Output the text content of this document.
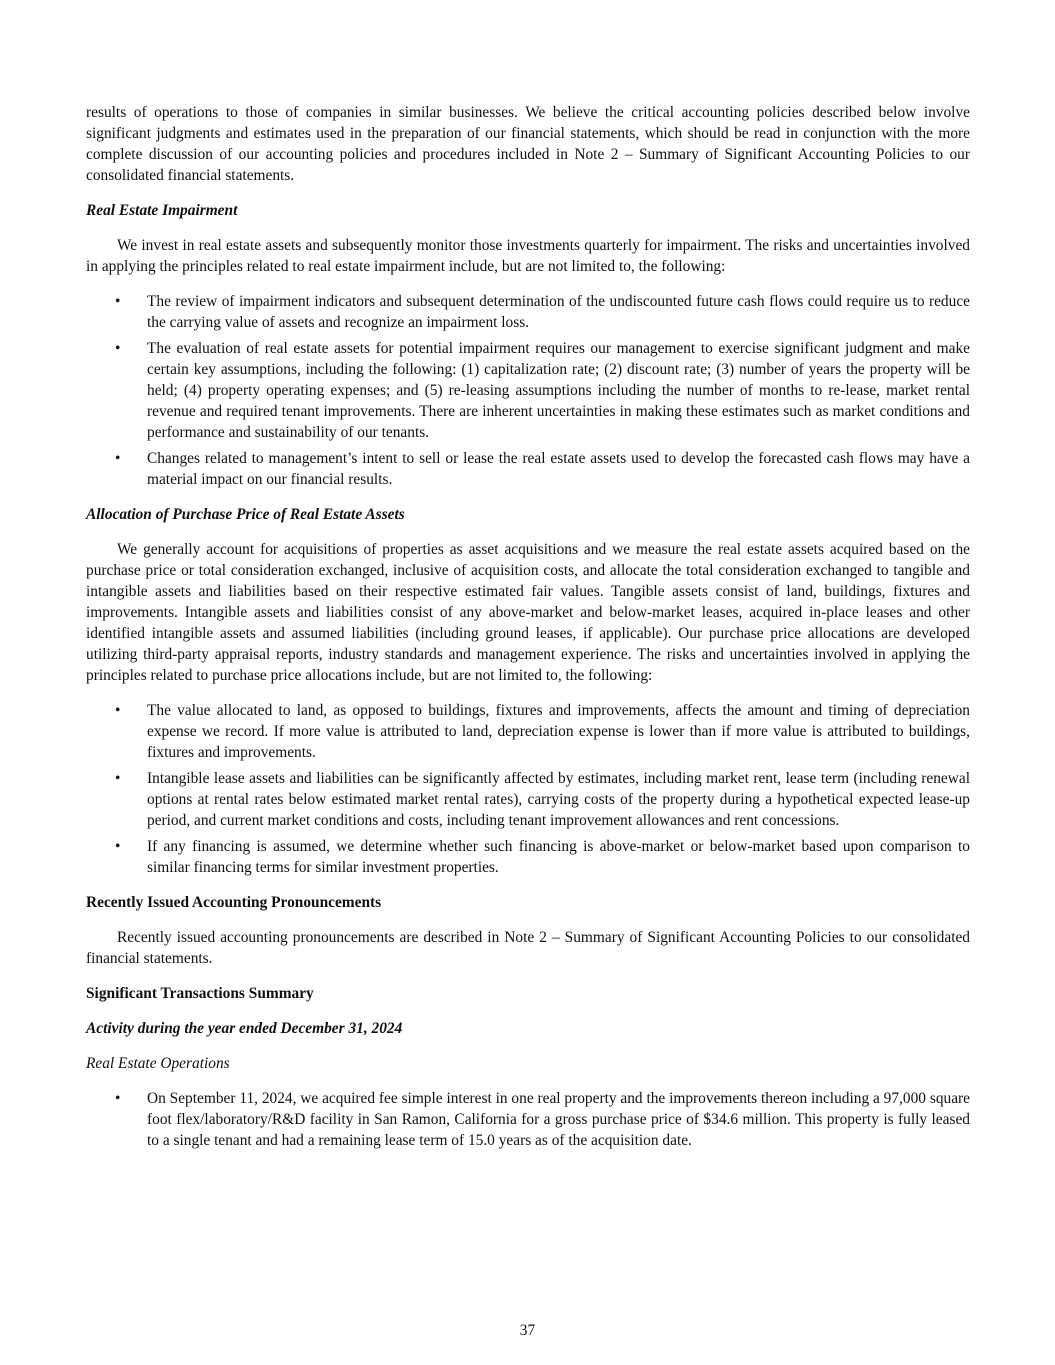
results of operations to those of companies in similar businesses. We believe the critical accounting policies described below involve significant judgments and estimates used in the preparation of our financial statements, which should be read in conjunction with the more complete discussion of our accounting policies and procedures included in Note 2 – Summary of Significant Accounting Policies to our consolidated financial statements.

Real Estate Impairment

We invest in real estate assets and subsequently monitor those investments quarterly for impairment. The risks and uncertainties involved in applying the principles related to real estate impairment include, but are not limited to, the following:

• The review of impairment indicators and subsequent determination of the undiscounted future cash flows could require us to reduce the carrying value of assets and recognize an impairment loss.
• The evaluation of real estate assets for potential impairment requires our management to exercise significant judgment and make certain key assumptions, including the following: (1) capitalization rate; (2) discount rate; (3) number of years the property will be held; (4) property operating expenses; and (5) re-leasing assumptions including the number of months to re-lease, market rental revenue and required tenant improvements. There are inherent uncertainties in making these estimates such as market conditions and performance and sustainability of our tenants.
• Changes related to management’s intent to sell or lease the real estate assets used to develop the forecasted cash flows may have a material impact on our financial results.

Allocation of Purchase Price of Real Estate Assets

We generally account for acquisitions of properties as asset acquisitions and we measure the real estate assets acquired based on the purchase price or total consideration exchanged, inclusive of acquisition costs, and allocate the total consideration exchanged to tangible and intangible assets and liabilities based on their respective estimated fair values. Tangible assets consist of land, buildings, fixtures and improvements. Intangible assets and liabilities consist of any above-market and below-market leases, acquired in-place leases and other identified intangible assets and assumed liabilities (including ground leases, if applicable). Our purchase price allocations are developed utilizing third-party appraisal reports, industry standards and management experience. The risks and uncertainties involved in applying the principles related to purchase price allocations include, but are not limited to, the following:

• The value allocated to land, as opposed to buildings, fixtures and improvements, affects the amount and timing of depreciation expense we record. If more value is attributed to land, depreciation expense is lower than if more value is attributed to buildings, fixtures and improvements.
• Intangible lease assets and liabilities can be significantly affected by estimates, including market rent, lease term (including renewal options at rental rates below estimated market rental rates), carrying costs of the property during a hypothetical expected lease-up period, and current market conditions and costs, including tenant improvement allowances and rent concessions.
• If any financing is assumed, we determine whether such financing is above-market or below-market based upon comparison to similar financing terms for similar investment properties.

Recently Issued Accounting Pronouncements

Recently issued accounting pronouncements are described in Note 2 – Summary of Significant Accounting Policies to our consolidated financial statements.

Significant Transactions Summary

Activity during the year ended December 31, 2024

Real Estate Operations

• On September 11, 2024, we acquired fee simple interest in one real property and the improvements thereon including a 97,000 square foot flex/laboratory/R&D facility in San Ramon, California for a gross purchase price of $34.6 million. This property is fully leased to a single tenant and had a remaining lease term of 15.0 years as of the acquisition date.
37
